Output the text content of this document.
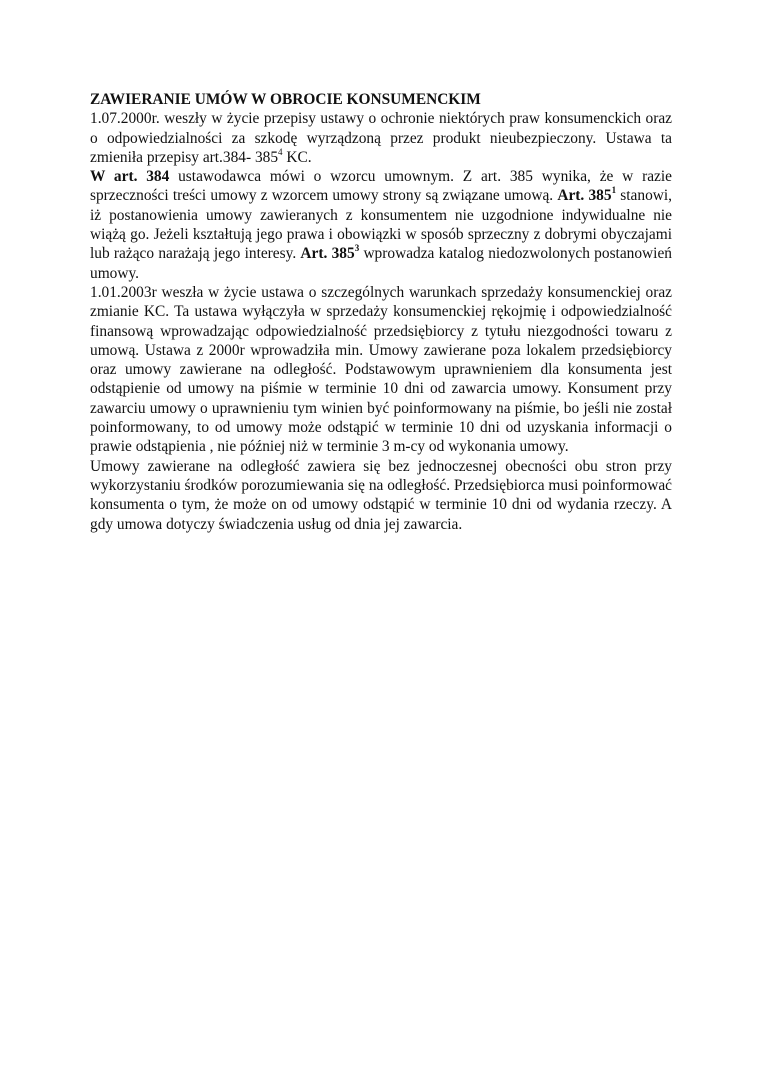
ZAWIERANIE UMÓW W OBROCIE KONSUMENCKIM

1.07.2000r. weszły w życie przepisy ustawy o ochronie niektórych praw konsumenckich oraz o odpowiedzialności za szkodę wyrządzoną przez produkt nieubezpieczony. Ustawa ta zmieniła przepisy art.384- $385^4$ KC.

W art. 384 ustawodawca mówi o wzorcu umownym. Z art. 385 wynika, że w razie sprzeczności treści umowy z wzorcem umowy strony są związane umową. Art. $385^1$ stanowi, iż postanowienia umowy zawieranych z konsumentem nie uzgodnione indywidualne nie wiążą go. Jeżeli kształtują jego prawa i obowiązki w sposób sprzeczny z dobrymi obyczajami lub rażąco narażają jego interesy. Art. $385^3$ wprowadza katalog niedozwolonych postanowień umowy.

1.01.2003r weszła w życie ustawa o szczególnych warunkach sprzedaży konsumenckiej oraz zmianie KC. Ta ustawa wyłączyła w sprzedaży konsumenckiej rękojmię i odpowiedzialność finansową wprowadzając odpowiedzialność przedsiębiorcy z tytułu niezgodności towaru z umową. Ustawa z 2000r wprowadziła min. Umowy zawierane poza lokalem przedsiębiorcy oraz umowy zawierane na odległość. Podstawowym uprawnieniem dla konsumenta jest odstąpienie od umowy na piśmie w terminie 10 dni od zawarcia umowy. Konsument przy zawarciu umowy o uprawnieniu tym winien być poinformowany na piśmie, bo jeśli nie został poinformowany, to od umowy może odstąpić w terminie 10 dni od uzyskania informacji o prawie odstąpienia , nie później niż w terminie 3 m-cy od wykonania umowy.

Umowy zawierane na odległość zawiera się bez jednoczesnej obecności obu stron przy wykorzystaniu środków porozumiewania się na odległość. Przedsiębiorca musi poinformować konsumenta o tym, że może on od umowy odstąpić w terminie 10 dni od wydania rzeczy. A gdy umowa dotyczy świadczenia usług od dnia jej zawarcia.
